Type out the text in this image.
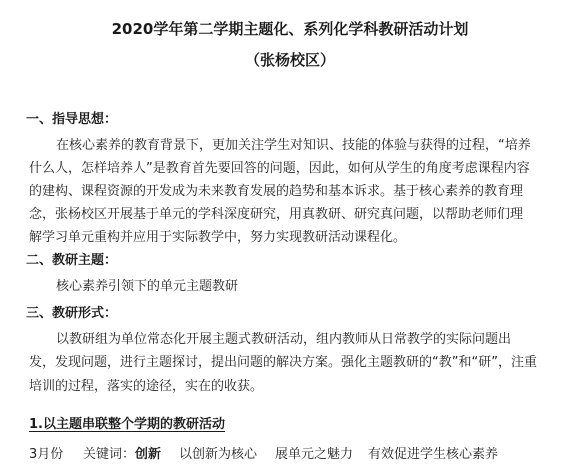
2020学年第二学期主题化、系列化学科教研活动计划
（张杨校区）
一、指导思想：
在核心素养的教育背景下，更加关注学生对知识、技能的体验与获得的过程，“培养
什么人，怎样培养人”是教育首先要回答的问题，因此，如何从学生的角度考虑课程内容
的建构、课程资源的开发成为未来教育发展的趋势和基本诉求。基于核心素养的教育理
念，张杨校区开展基于单元的学科深度研究，用真教研、研究真问题，以帮助老师们理
解学习单元重构并应用于实际教学中，努力实现教研活动课程化。
二、教研主题：
核心素养引领下的单元主题教研
三、教研形式：
以教研组为单位常态化开展主题式教研活动，组内教师从日常教学的实际问题出
发，发现问题，进行主题探讨，提出问题的解决方案。强化主题教研的“教”和“研”，注重
培训的过程，落实的途径，实在的收获。
1.以主题串联整个学期的教研活动
3月份 关键词： 创新 以创新为核心 展单元之魅力 有效促进学生核心素养
